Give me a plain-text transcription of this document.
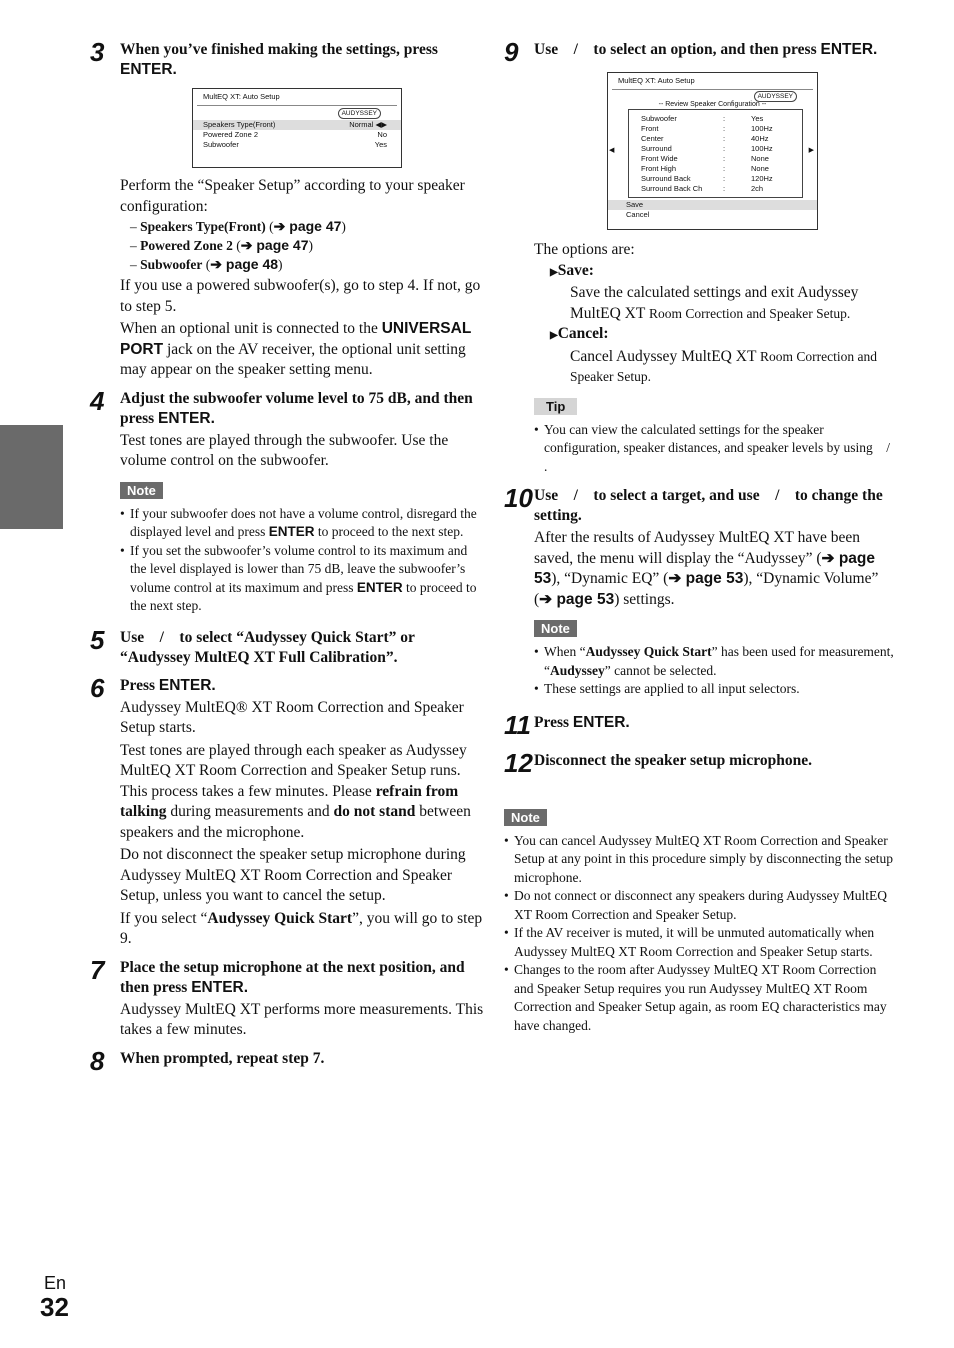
3 When you’ve finished making the settings, press ENTER.
MultEQ XT: Auto Setup
AUDYSSEY
Speakers Type(Front)	Normal ◀▶
Powered Zone 2	No
Subwoofer	Yes
Perform the “Speaker Setup” according to your speaker configuration:
– Speakers Type(Front) (➔ page 47)
– Powered Zone 2 (➔ page 47)
– Subwoofer (➔ page 48)
If you use a powered subwoofer(s), go to step 4. If not, go to step 5.
When an optional unit is connected to the UNIVERSAL PORT jack on the AV receiver, the optional unit setting may appear on the speaker setting menu.
4 Adjust the subwoofer volume level to 75 dB, and then press ENTER.
Test tones are played through the subwoofer. Use the volume control on the subwoofer.
Note
• If your subwoofer does not have a volume control, disregard the displayed level and press ENTER to proceed to the next step.
• If you set the subwoofer’s volume control to its maximum and the level displayed is lower than 75 dB, leave the subwoofer’s volume control at its maximum and press ENTER to proceed to the next step.
5 Use    /    to select “Audyssey Quick Start” or “Audyssey MultEQ XT Full Calibration”.
6 Press ENTER.
Audyssey MultEQ® XT Room Correction and Speaker Setup starts.
Test tones are played through each speaker as Audyssey MultEQ XT Room Correction and Speaker Setup runs. This process takes a few minutes. Please refrain from talking during measurements and do not stand between speakers and the microphone.
Do not disconnect the speaker setup microphone during Audyssey MultEQ XT Room Correction and Speaker Setup, unless you want to cancel the setup.
If you select “Audyssey Quick Start”, you will go to step 9.
7 Place the setup microphone at the next position, and then press ENTER.
Audyssey MultEQ XT performs more measurements. This takes a few minutes.
8 When prompted, repeat step 7.
9 Use    /    to select an option, and then press ENTER.
MultEQ XT: Auto Setup
AUDYSSEY
-- Review Speaker Configuration --
◀	▶
Subwoofer	:	Yes
Front	:	100Hz
Center	:	40Hz
Surround	:	100Hz
Front Wide	:	None
Front High	:	None
Surround Back	:	120Hz
Surround Back Ch	:	2ch
Save
Cancel
The options are:
▶Save:
Save the calculated settings and exit Audyssey MultEQ XT Room Correction and Speaker Setup.
▶Cancel:
Cancel Audyssey MultEQ XT Room Correction and Speaker Setup.
Tip
• You can view the calculated settings for the speaker configuration, speaker distances, and speaker levels by using    /    .
10 Use    /    to select a target, and use    /    to change the setting.
After the results of Audyssey MultEQ XT have been saved, the menu will display the “Audyssey” (➔ page 53), “Dynamic EQ” (➔ page 53), “Dynamic Volume” (➔ page 53) settings.
Note
• When “Audyssey Quick Start” has been used for measurement, “Audyssey” cannot be selected.
• These settings are applied to all input selectors.
11 Press ENTER.
12 Disconnect the speaker setup microphone.
Note
• You can cancel Audyssey MultEQ XT Room Correction and Speaker Setup at any point in this procedure simply by disconnecting the setup microphone.
• Do not connect or disconnect any speakers during Audyssey MultEQ XT Room Correction and Speaker Setup.
• If the AV receiver is muted, it will be unmuted automatically when Audyssey MultEQ XT Room Correction and Speaker Setup starts.
• Changes to the room after Audyssey MultEQ XT Room Correction and Speaker Setup requires you run Audyssey MultEQ XT Room Correction and Speaker Setup again, as room EQ characteristics may have changed.
En
32
